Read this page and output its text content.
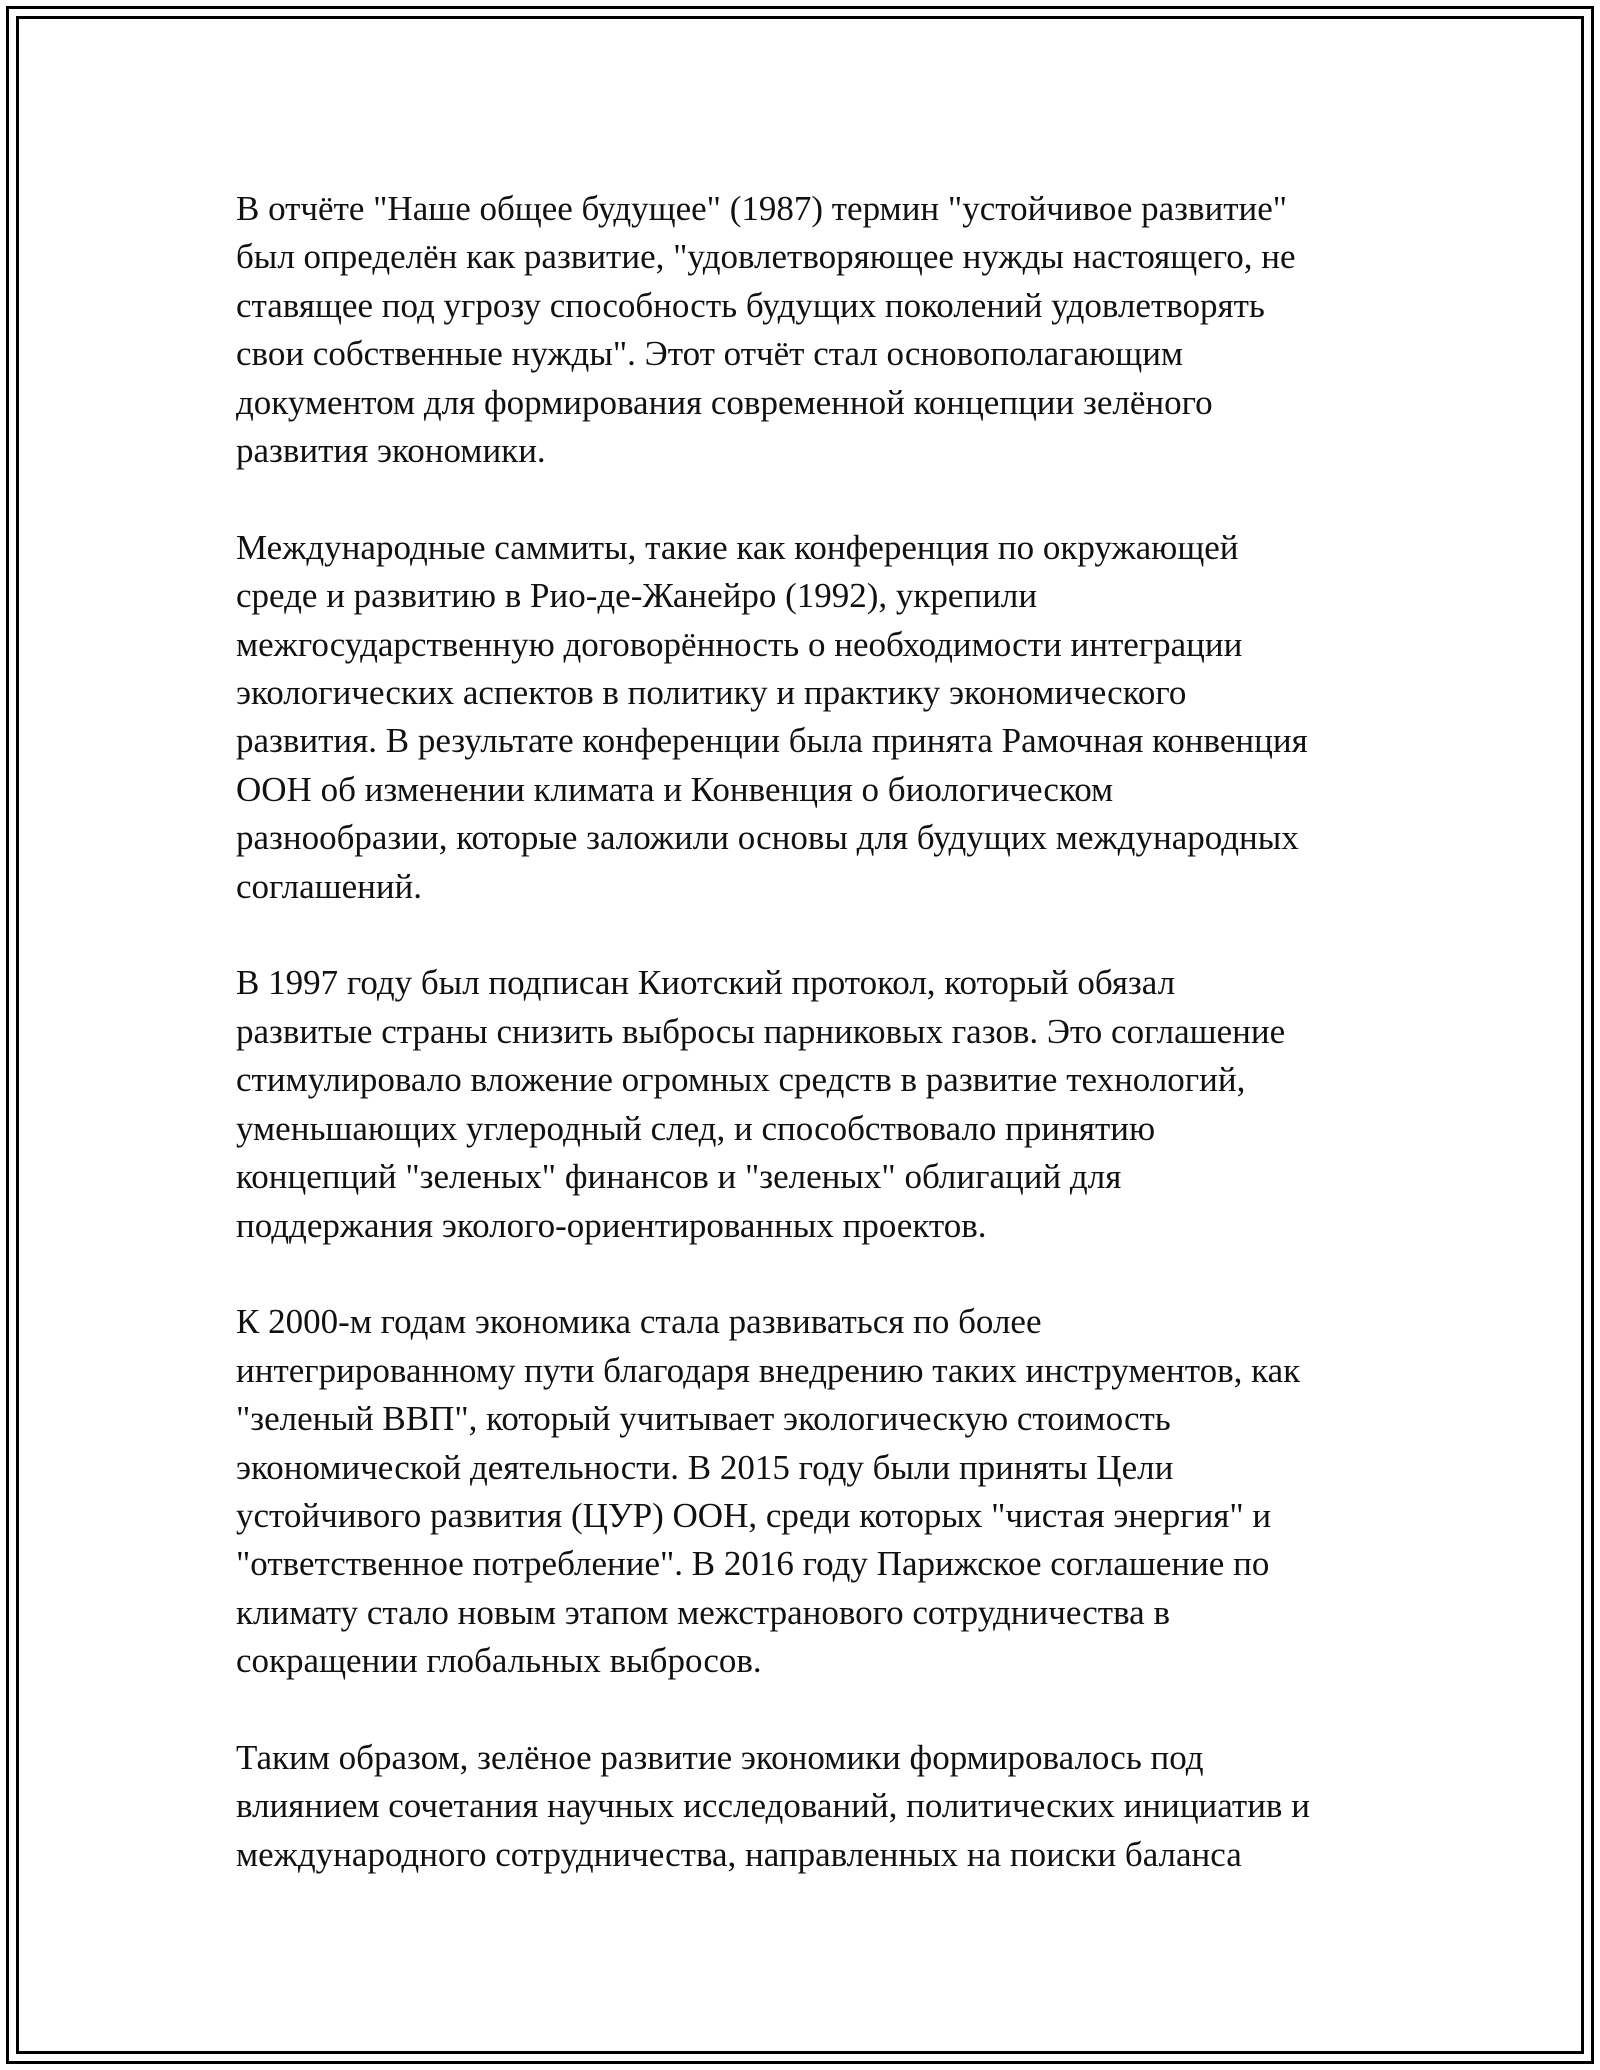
В отчёте "Наше общее будущее" (1987) термин "устойчивое развитие"
был определён как развитие, "удовлетворяющее нужды настоящего, не
ставящее под угрозу способность будущих поколений удовлетворять
свои собственные нужды". Этот отчёт стал основополагающим
документом для формирования современной концепции зелёного
развития экономики.

Международные саммиты, такие как конференция по окружающей
среде и развитию в Рио-де-Жанейро (1992), укрепили
межгосударственную договорённость о необходимости интеграции
экологических аспектов в политику и практику экономического
развития. В результате конференции была принята Рамочная конвенция
ООН об изменении климата и Конвенция о биологическом
разнообразии, которые заложили основы для будущих международных
соглашений.

В 1997 году был подписан Киотский протокол, который обязал
развитые страны снизить выбросы парниковых газов. Это соглашение
стимулировало вложение огромных средств в развитие технологий,
уменьшающих углеродный след, и способствовало принятию
концепций "зеленых" финансов и "зеленых" облигаций для
поддержания эколого-ориентированных проектов.

К 2000-м годам экономика стала развиваться по более
интегрированному пути благодаря внедрению таких инструментов, как
"зеленый ВВП", который учитывает экологическую стоимость
экономической деятельности. В 2015 году были приняты Цели
устойчивого развития (ЦУР) ООН, среди которых "чистая энергия" и
"ответственное потребление". В 2016 году Парижское соглашение по
климату стало новым этапом межстранового сотрудничества в
сокращении глобальных выбросов.

Таким образом, зелёное развитие экономики формировалось под
влиянием сочетания научных исследований, политических инициатив и
международного сотрудничества, направленных на поиски баланса
